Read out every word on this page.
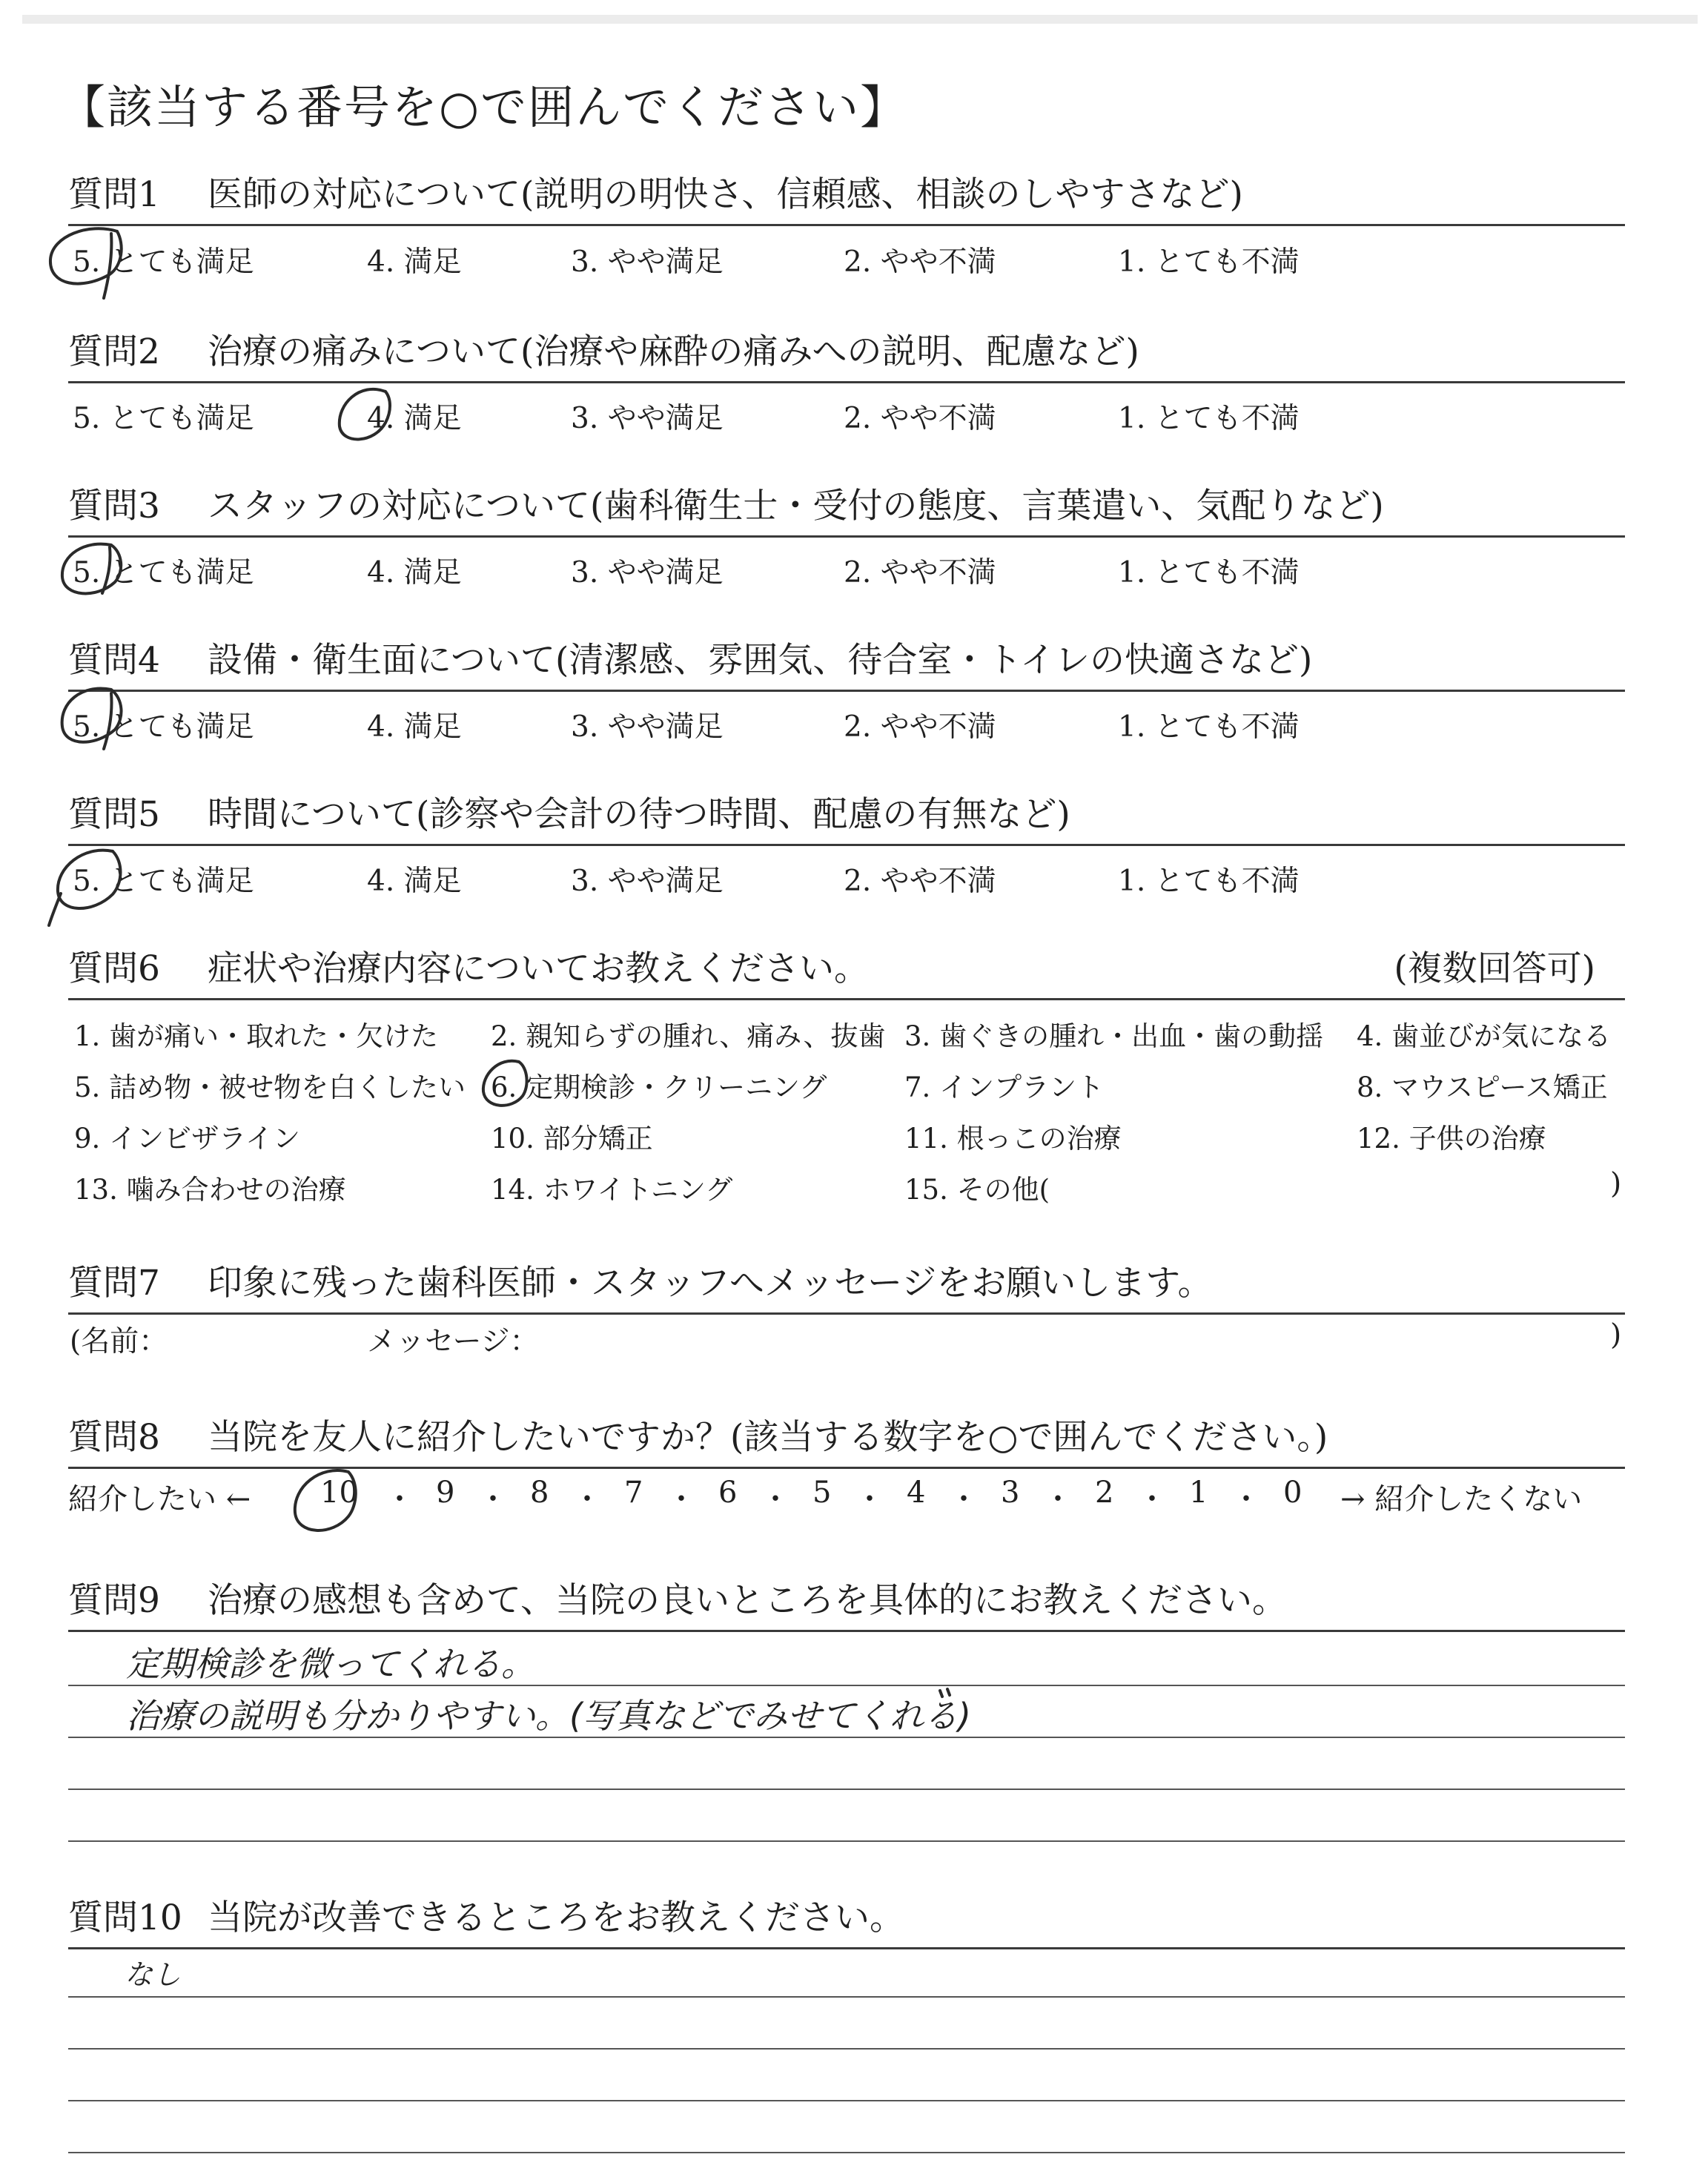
【該当する番号を○で囲んでください】
質問1 医師の対応について(説明の明快さ、信頼感、相談のしやすさなど)
5. とても満足	4. 満足	3. やや満足	2. やや不満	1. とても不満
質問2 治療の痛みについて(治療や麻酔の痛みへの説明、配慮など)
5. とても満足	4. 満足	3. やや満足	2. やや不満	1. とても不満
質問3 スタッフの対応について(歯科衛生士・受付の態度、言葉遣い、気配りなど)
5. とても満足	4. 満足	3. やや満足	2. やや不満	1. とても不満
質問4 設備・衛生面について(清潔感、雰囲気、待合室・トイレの快適さなど)
5. とても満足	4. 満足	3. やや満足	2. やや不満	1. とても不満
質問5 時間について(診察や会計の待つ時間、配慮の有無など)
5. とても満足	4. 満足	3. やや満足	2. やや不満	1. とても不満
質問6 症状や治療内容についてお教えください。	(複数回答可)
1. 歯が痛い・取れた・欠けた 2. 親知らずの腫れ、痛み、抜歯 3. 歯ぐきの腫れ・出血・歯の動揺 4. 歯並びが気になる
5. 詰め物・被せ物を白くしたい 6. 定期検診・クリーニング	7. インプラント	8. マウスピース矯正
9. インビザライン	10. 部分矯正	11. 根っこの治療	12. 子供の治療
13. 噛み合わせの治療	14. ホワイトニング	15. その他(	)
質問7 印象に残った歯科医師・スタッフへメッセージをお願いします。
(名前：	メッセージ：	)
質問8 当院を友人に紹介したいですか？(該当する数字を○で囲んでください。)
紹介したい ← 10 ・ 9 ・ 8 ・ 7 ・ 6 ・ 5 ・ 4 ・ 3 ・ 2 ・ 1 ・ 0 → 紹介したくない
質問9 治療の感想も含めて、当院の良いところを具体的にお教えください。
定期検診を微ってくれる。
治療の説明も分かりやすい。(写真などでみせてくれる)
質問10 当院が改善できるところをお教えください。
なし
